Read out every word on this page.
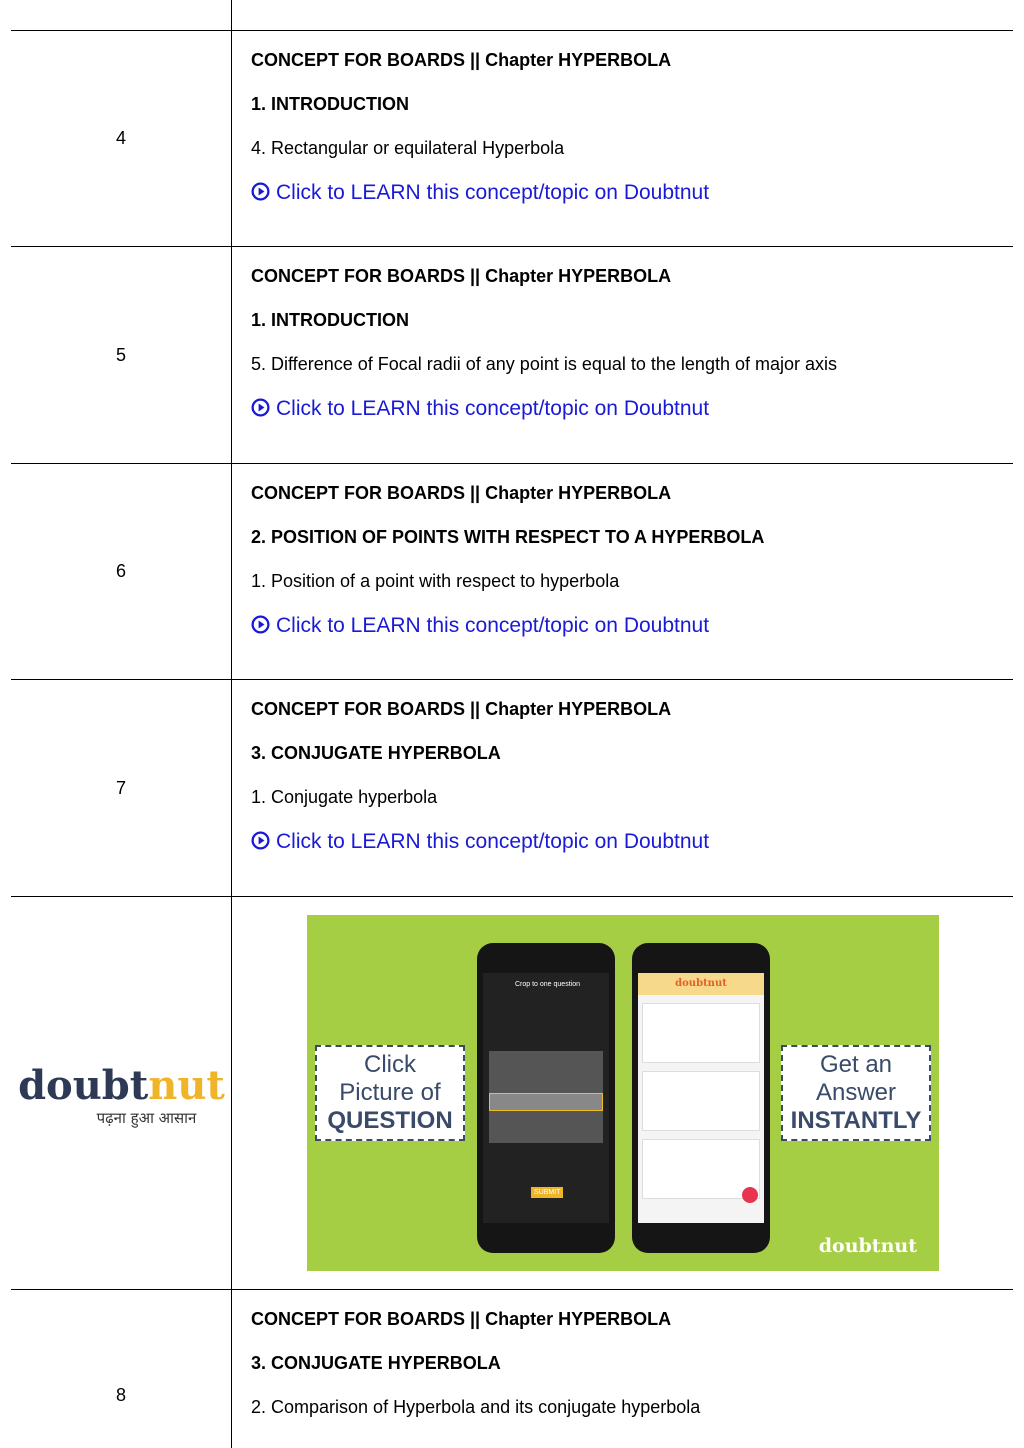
4
CONCEPT FOR BOARDS || Chapter HYPERBOLA
1. INTRODUCTION
4. Rectangular or equilateral Hyperbola
Click to LEARN this concept/topic on Doubtnut
5
CONCEPT FOR BOARDS || Chapter HYPERBOLA
1. INTRODUCTION
5. Difference of Focal radii of any point is equal to the length of major axis
Click to LEARN this concept/topic on Doubtnut
6
CONCEPT FOR BOARDS || Chapter HYPERBOLA
2. POSITION OF POINTS WITH RESPECT TO A HYPERBOLA
1. Position of a point with respect to hyperbola
Click to LEARN this concept/topic on Doubtnut
7
CONCEPT FOR BOARDS || Chapter HYPERBOLA
3. CONJUGATE HYPERBOLA
1. Conjugate hyperbola
Click to LEARN this concept/topic on Doubtnut
doubtnut
पढ़ना हुआ आसान
Click
Picture of
QUESTION
Crop to one question
SUBMIT
doubtnut
Get an
Answer
INSTANTLY
doubtnut
8
CONCEPT FOR BOARDS || Chapter HYPERBOLA
3. CONJUGATE HYPERBOLA
2. Comparison of Hyperbola and its conjugate hyperbola
